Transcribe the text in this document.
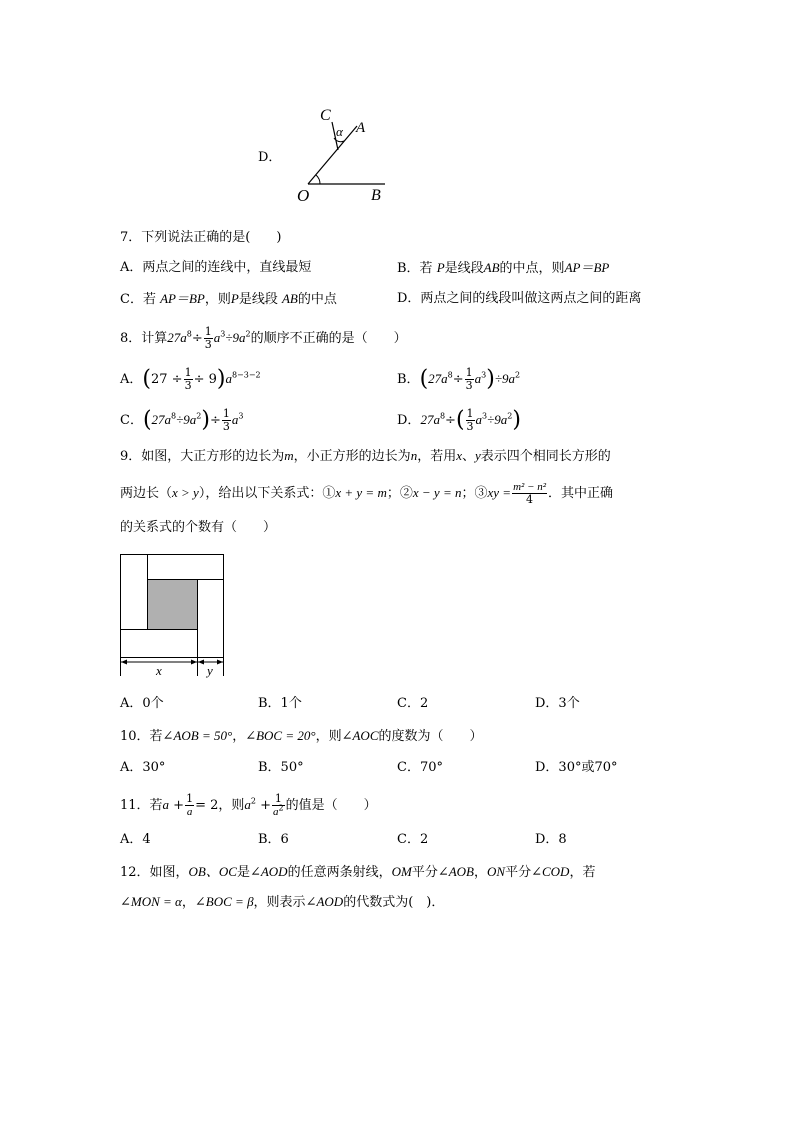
D．
C
α A
O	B
7．下列说法正确的是(　　)
A．两点之间的连线中，直线最短	B．若 P是线段AB的中点，则AP＝BP
C．若 AP＝BP，则P是线段 AB的中点	D．两点之间的线段叫做这两点之间的距离
8．计算$27a^8\div \frac{1}{3} a^3\div 9a^2$的顺序不正确的是（　　）
A．$(27 \div \frac{1}{3} \div 9)a^{8-3-2}$	B．$(27a^8\div \frac{1}{3} a^3)\div 9a^2$
C．$(27a^8\div 9a^2)\div \frac{1}{3} a^3$	D．$27a^8\div( \frac{1}{3} a^3\div 9a^2)$
9．如图，大正方形的边长为m，小正方形的边长为n，若用x、y表示四个相同长方形的
两边长（x > y），给出以下关系式：①x + y = m；②x − y = n；③xy = $\frac{\text{m² − n²}}{4}$ ．其中正确
的关系式的个数有（　　）
x	y
A．0个	B．1个	C．2	D．3个
10．若∠AOB = 50°，∠BOC = 20°，则∠AOC的度数为（　　）
A．30°	B．50°	C．70°	D．30°或70°
11．若$a + \frac{1}{a} = 2$，则$a^2 + \frac{1}{a^2}$ 的值是（　　）
A．4	B．6	C．2	D．8
12．如图，OB、OC是∠AOD的任意两条射线，OM平分∠AOB，ON平分∠COD，若
∠MON = α，∠BOC = β，则表示∠AOD的代数式为(　)．
